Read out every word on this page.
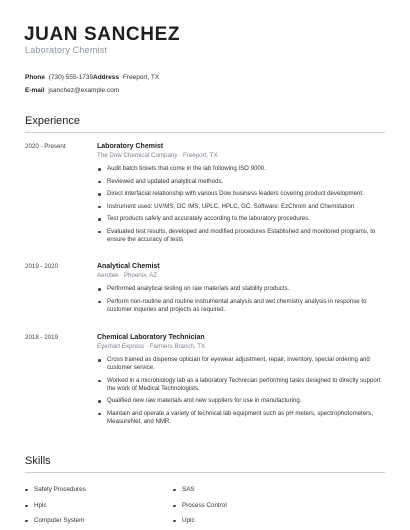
JUAN SANCHEZ
Laboratory Chemist
Phone (730) 555-1739 Address Freeport, TX
E-mail jsanchez@example.com
Experience
2020 - Present	Laboratory Chemist
The Dow Chemical Company · Freeport, TX
Audit batch tickets that come in the lab following ISO 9000.
Reviewed and updated analytical methods.
Direct interfacial relationship with various Dow business leaders covering product development.
Instrument used: UV/MS, GC /MS, UPLC, HPLC, GC. Software: EzChrom and Chemstation
Test products safely and accurately according to the laboratory procedures.
Evaluated test results, developed and modified procedures Established and monitored programs, to ensure the accuracy of tests
2019 - 2020	Analytical Chemist
Aerotek · Phoenix, AZ
Performed analytical testing on raw materials and stability products.
Perform non-routine and routine instrumental analysis and wet chemistry analysis in response to customer inquiries and projects as required.
2018 - 2019	Chemical Laboratory Technician
Eyemart Express · Farmers Branch, TX
Cross trained as dispense optician for eyewear adjustment, repair, inventory, special ordering and customer service.
Worked in a microbiology lab as a laboratory Technician performing tasks designed to directly support the work of Medical Technologists.
Qualified new raw materials and new suppliers for use in manufacturing.
Maintain and operate a variety of technical lab equipment such as pH meters, spectrophotometers, MeasureNet, and NMR.
Skills
Safety Procedures	SAS
Hplc	Process Control
Computer System	Uplc
